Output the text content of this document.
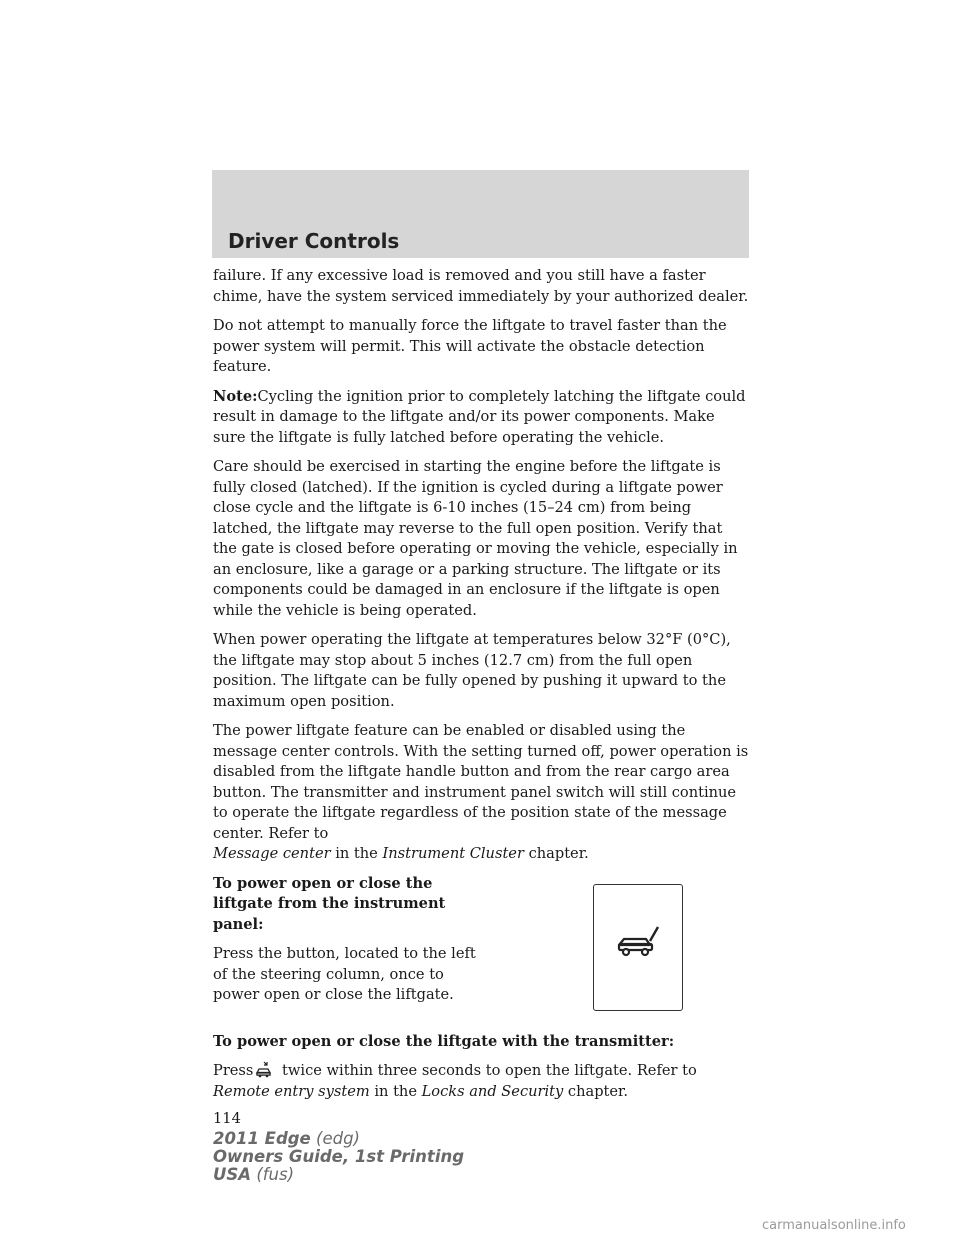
Driver Controls

failure. If any excessive load is removed and you still have a faster chime, have the system serviced immediately by your authorized dealer.

Do not attempt to manually force the liftgate to travel faster than the power system will permit. This will activate the obstacle detection feature.

Note:Cycling the ignition prior to completely latching the liftgate could result in damage to the liftgate and/or its power components. Make sure the liftgate is fully latched before operating the vehicle.

Care should be exercised in starting the engine before the liftgate is fully closed (latched). If the ignition is cycled during a liftgate power close cycle and the liftgate is 6-10 inches (15–24 cm) from being latched, the liftgate may reverse to the full open position. Verify that the gate is closed before operating or moving the vehicle, especially in an enclosure, like a garage or a parking structure. The liftgate or its components could be damaged in an enclosure if the liftgate is open while the vehicle is being operated.

When power operating the liftgate at temperatures below 32°F (0°C), the liftgate may stop about 5 inches (12.7 cm) from the full open position. The liftgate can be fully opened by pushing it upward to the maximum open position.

The power liftgate feature can be enabled or disabled using the message center controls. With the setting turned off, power operation is disabled from the liftgate handle button and from the rear cargo area button. The transmitter and instrument panel switch will still continue to operate the liftgate regardless of the position state of the message center. Refer to
Message center in the Instrument Cluster chapter.

To power open or close the liftgate from the instrument panel:

Press the button, located to the left of the steering column, once to power open or close the liftgate.

To power open or close the liftgate with the transmitter:

Press twice within three seconds to open the liftgate. Refer to
Remote entry system in the Locks and Security chapter.

114
2011 Edge (edg)
Owners Guide, 1st Printing
USA (fus)
carmanualsonline.info
